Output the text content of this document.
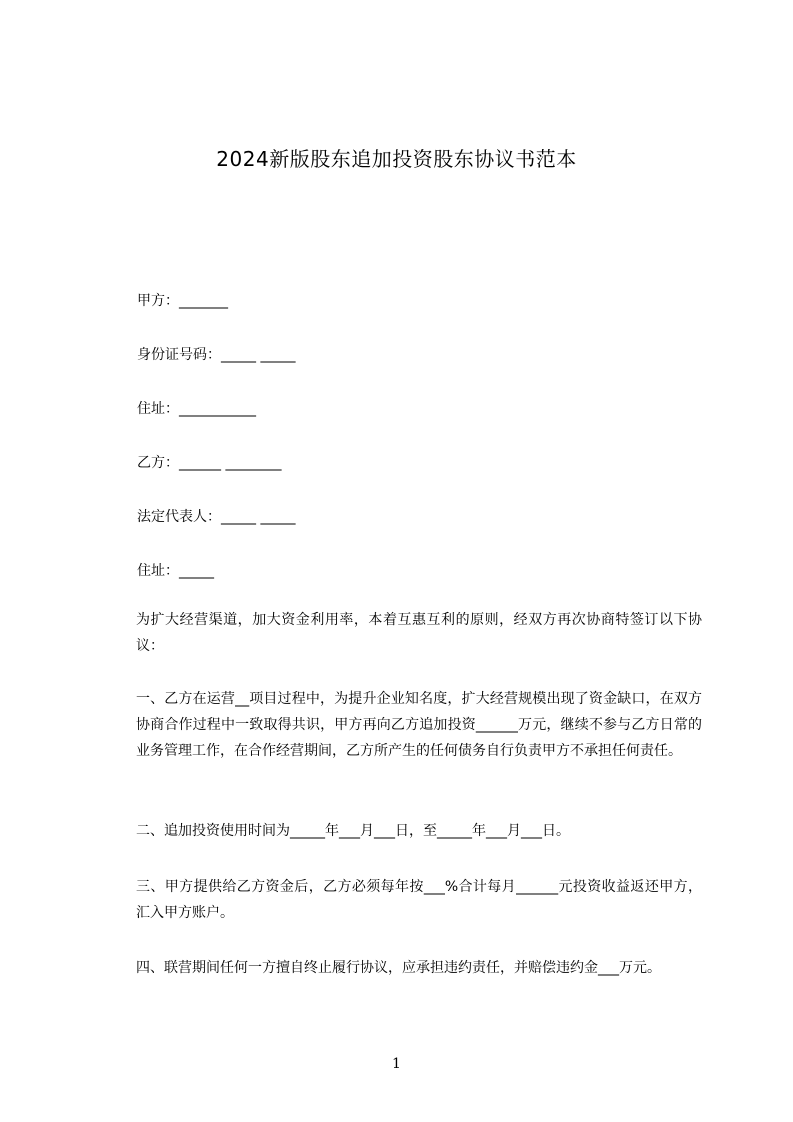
2024新版股东追加投资股东协议书范本
甲方：_______
身份证号码：_____ _____
住址：___________
乙方：______ ________
法定代表人：_____ _____
住址：_____
为扩大经营渠道，加大资金利用率，本着互惠互利的原则，经双方再次协商特签订以下协议：
一、乙方在运营__项目过程中，为提升企业知名度，扩大经营规模出现了资金缺口，在双方协商合作过程中一致取得共识，甲方再向乙方追加投资______万元，继续不参与乙方日常的业务管理工作，在合作经营期间，乙方所产生的任何债务自行负责甲方不承担任何责任。
二、追加投资使用时间为_____年___月___日，至_____年___月___日。
三、甲方提供给乙方资金后，乙方必须每年按___%合计每月______元投资收益返还甲方，汇入甲方账户。
四、联营期间任何一方擅自终止履行协议，应承担违约责任，并赔偿违约金___万元。
1
